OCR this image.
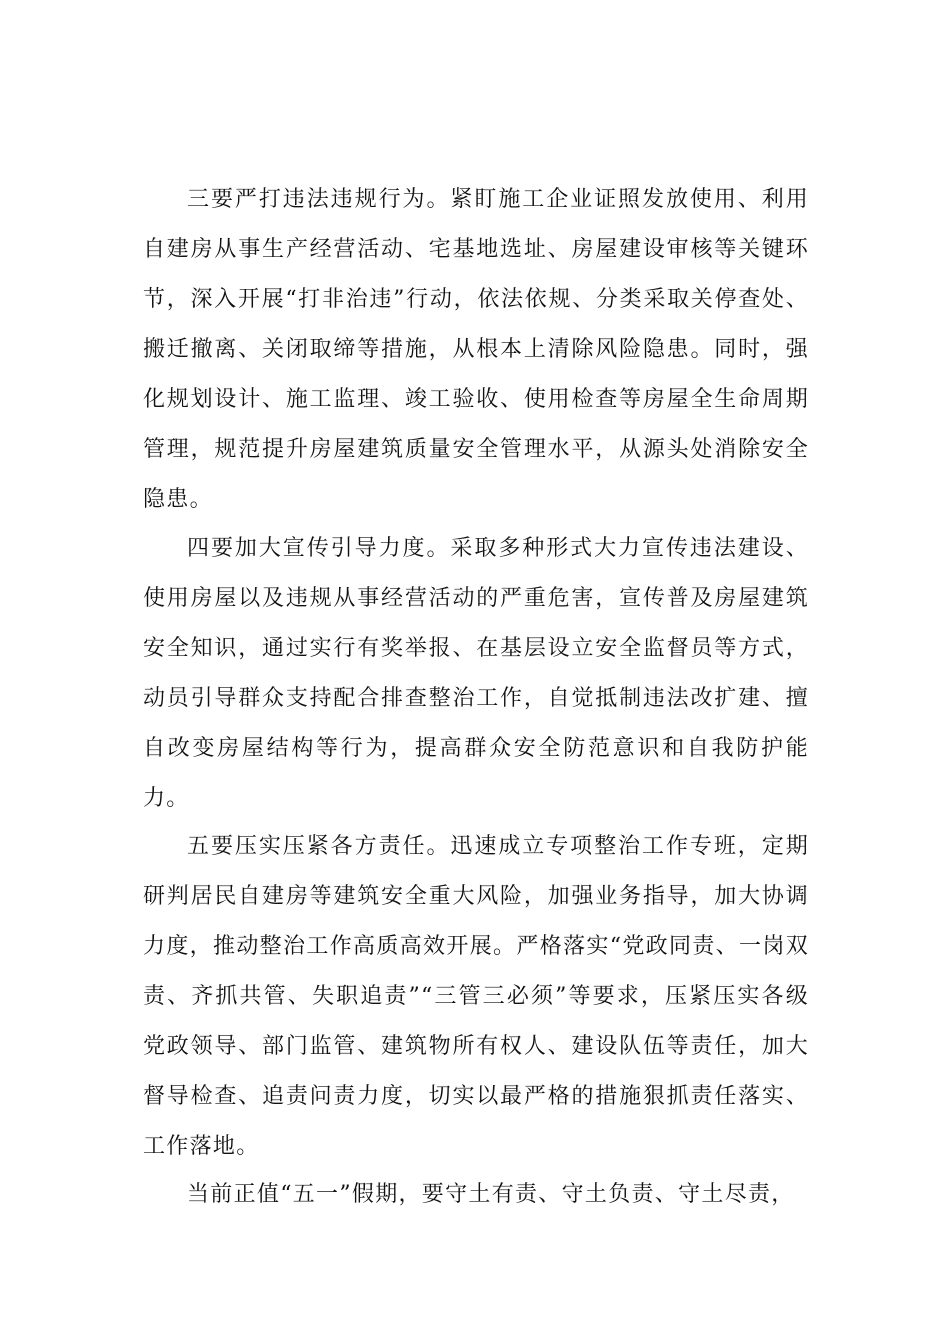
三要严打违法违规行为。紧盯施工企业证照发放使用、利用自建房从事生产经营活动、宅基地选址、房屋建设审核等关键环节，深入开展“打非治违”行动，依法依规、分类采取关停查处、搬迁撤离、关闭取缔等措施，从根本上清除风险隐患。同时，强化规划设计、施工监理、竣工验收、使用检查等房屋全生命周期管理，规范提升房屋建筑质量安全管理水平，从源头处消除安全隐患。

四要加大宣传引导力度。采取多种形式大力宣传违法建设、使用房屋以及违规从事经营活动的严重危害，宣传普及房屋建筑安全知识，通过实行有奖举报、在基层设立安全监督员等方式，动员引导群众支持配合排查整治工作，自觉抵制违法改扩建、擅自改变房屋结构等行为，提高群众安全防范意识和自我防护能力。

五要压实压紧各方责任。迅速成立专项整治工作专班，定期研判居民自建房等建筑安全重大风险，加强业务指导，加大协调力度，推动整治工作高质高效开展。严格落实“党政同责、一岗双责、齐抓共管、失职追责”“三管三必须”等要求，压紧压实各级党政领导、部门监管、建筑物所有权人、建设队伍等责任，加大督导检查、追责问责力度，切实以最严格的措施狠抓责任落实、工作落地。

当前正值“五一”假期，要守土有责、守土负责、守土尽责，
